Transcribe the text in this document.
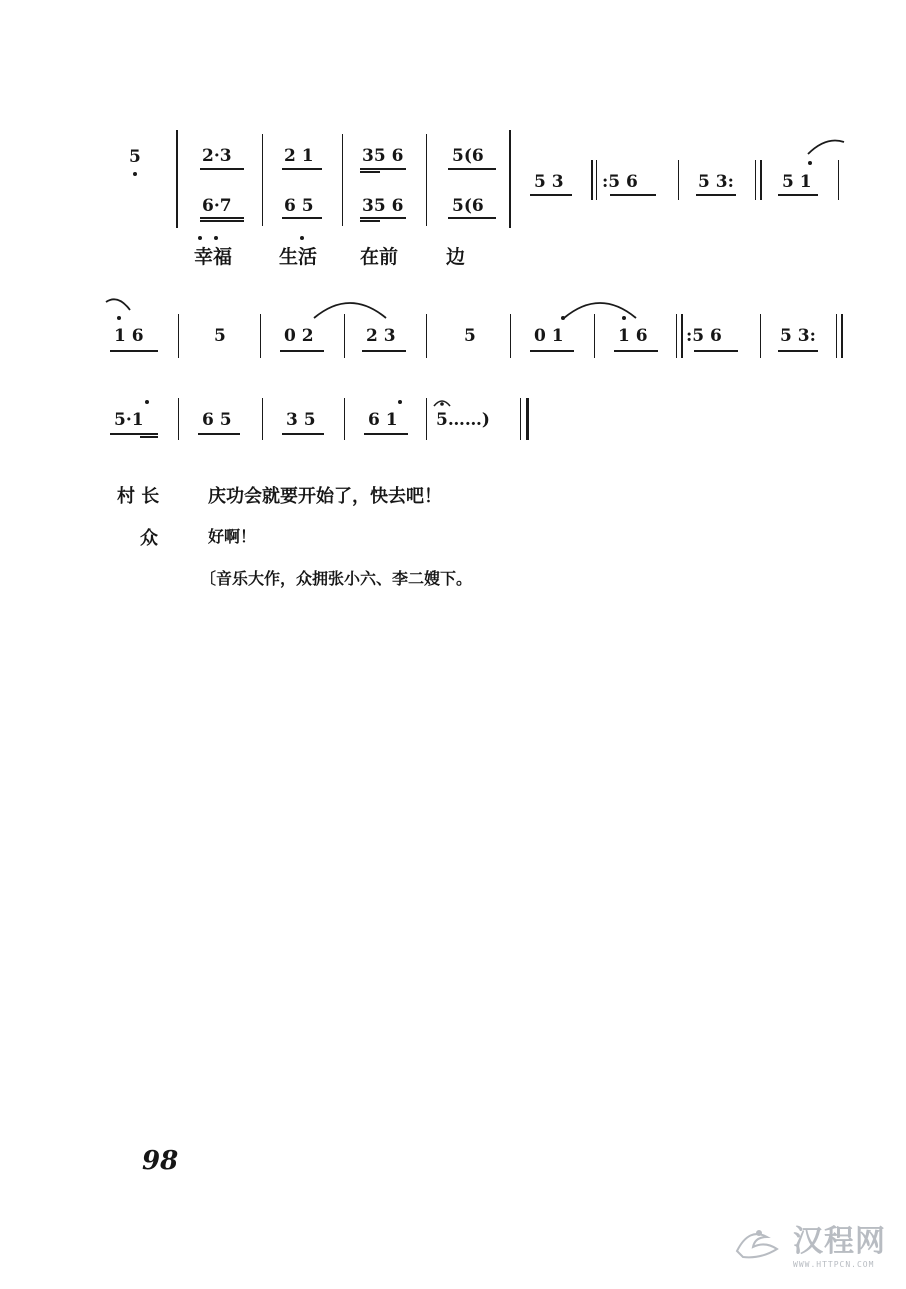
5	2·3	2 1	35 6	5(6
6·7	6 5	35 6	5(6
5 3 :5 6	5 3:	5 1
幸福 生活 在前	边
1 6	5	0 2	2 3	5	0 1	1 6 :5 6	5 3:
5·1	6 5	3 5	6 1 5……)
村 长	庆功会就要开始了，快去吧！
众	好啊！
〔音乐大作，众拥张小六、李二嫂下。
98
汉程网
WWW.HTTPCN.COM
